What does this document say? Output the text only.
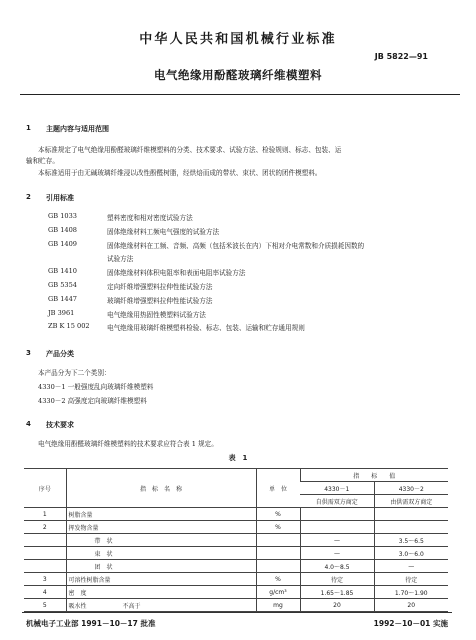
中华人民共和国机械行业标准
JB 5822—91
电气绝缘用酚醛玻璃纤维模塑料
1 主题内容与适用范围
本标准规定了电气绝缘用酚醛玻璃纤维模塑料的分类、技术要求、试验方法、检验规则、标志、包装、运
输和贮存。
本标准适用于由无碱玻璃纤维浸以改性酚醛树脂，经烘焙而成的带状、束状、团状的团件模塑料。
2 引用标准
GB 1033	塑料密度和相对密度试验方法
GB 1408	固体绝缘材料工频电气强度的试验方法
GB 1409	固体绝缘材料在工频、音频、高频（包括米波长在内）下相对介电常数和介质损耗因数的
试验方法
GB 1410	固体绝缘材料体积电阻率和表面电阻率试验方法
GB 5354	定向纤维增强塑料拉伸性能试验方法
GB 1447	玻璃纤维增强塑料拉伸性能试验方法
JB 3961	电气绝缘用热固性模塑料试验方法
ZB K 15 002	电气绝缘用玻璃纤维模塑料检验、标志、包装、运输和贮存通用规则
3 产品分类
本产品分为下二个类别：
4330－1 一般强度乱向玻璃纤维模塑料
4330－2 高强度定向玻璃纤维模塑料
4 技术要求
电气绝缘用酚醛玻璃纤维模塑料的技术要求应符合表 1 规定。
表　1
序号	指　标　名　称	单　位	指　　标　　值	
			4330－1	4330－2
			自供需双方商定	由供需双方商定
1	树脂含量	%		
2	挥发物含量	%		
	带　状		—	3.5～6.5
	束　状		—	3.0～6.0
	团　状		4.0～8.5	—
3	可溶性树脂含量	%	待定	待定
4	密　度	g/cm³	1.65～1.85	1.70～1.90
5	吸水性　　　　　　不高于	mg	20	20
机械电子工业部 1991－10－17 批准	1992－10－01 实施
